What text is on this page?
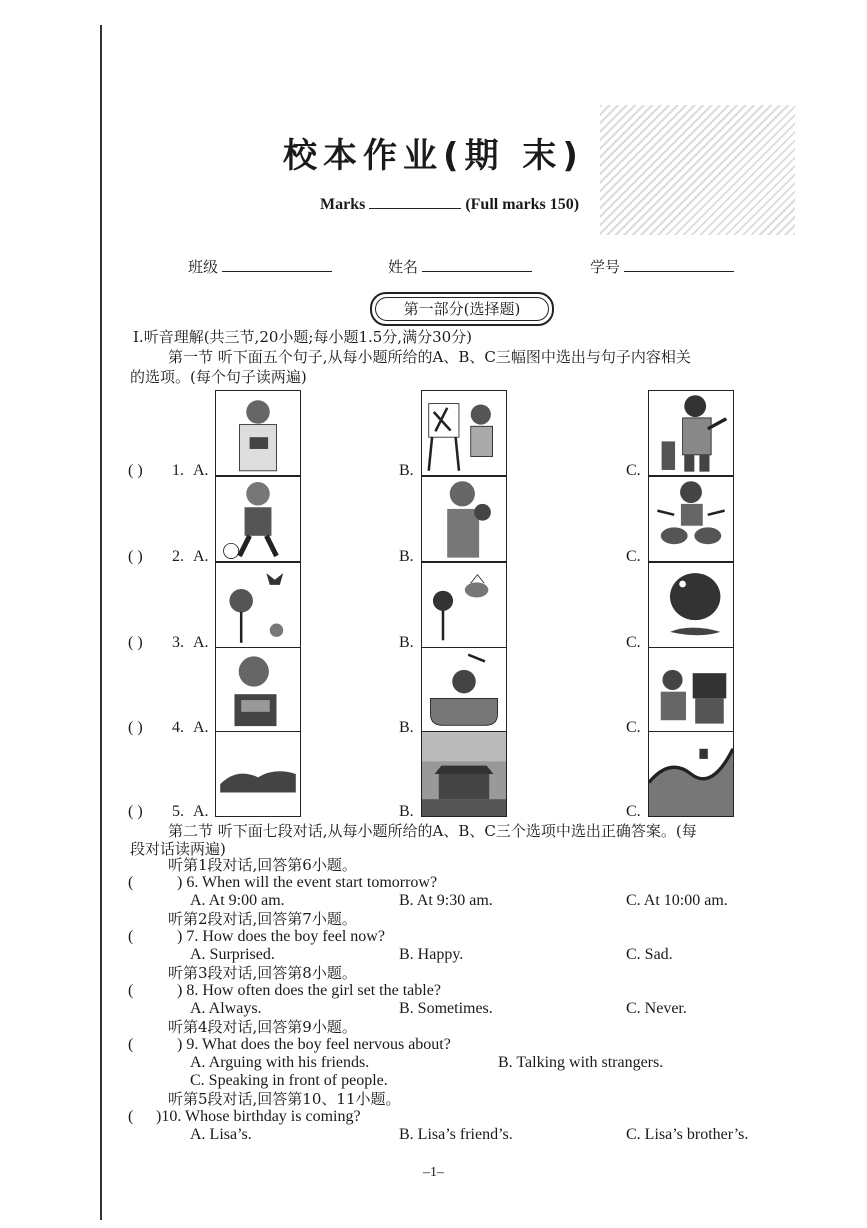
校本作业(期 末)
Marks	(Full marks 150)
班级	姓名	学号
第一部分(选择题)
Ⅰ.听音理解(共三节,20小题;每小题1.5分,满分30分)
第一节 听下面五个句子,从每小题所给的A、B、C三幅图中选出与句子内容相关
的选项。(每个句子读两遍)
( ) 1. A.	B.	C.
( ) 2. A.	B.	C.
( ) 3. A.	B.	C.
( ) 4. A.	B.	C.
( ) 5. A.	B.	C.
第二节 听下面七段对话,从每小题所给的A、B、C三个选项中选出正确答案。(每
段对话读两遍)
听第1段对话,回答第6小题。
(	) 6. When will the event start tomorrow?
A. At 9:00 am.	B. At 9:30 am.	C. At 10:00 am.
听第2段对话,回答第7小题。
(	) 7. How does the boy feel now?
A. Surprised.	B. Happy.	C. Sad.
听第3段对话,回答第8小题。
(	) 8. How often does the girl set the table?
A. Always.	B. Sometimes.	C. Never.
听第4段对话,回答第9小题。
(	) 9. What does the boy feel nervous about?
A. Arguing with his friends.	B. Talking with strangers.
C. Speaking in front of people.
听第5段对话,回答第10、11小题。
( )10. Whose birthday is coming?
A. Lisa’s.	B. Lisa’s friend’s.	C. Lisa’s brother’s.
–1–
